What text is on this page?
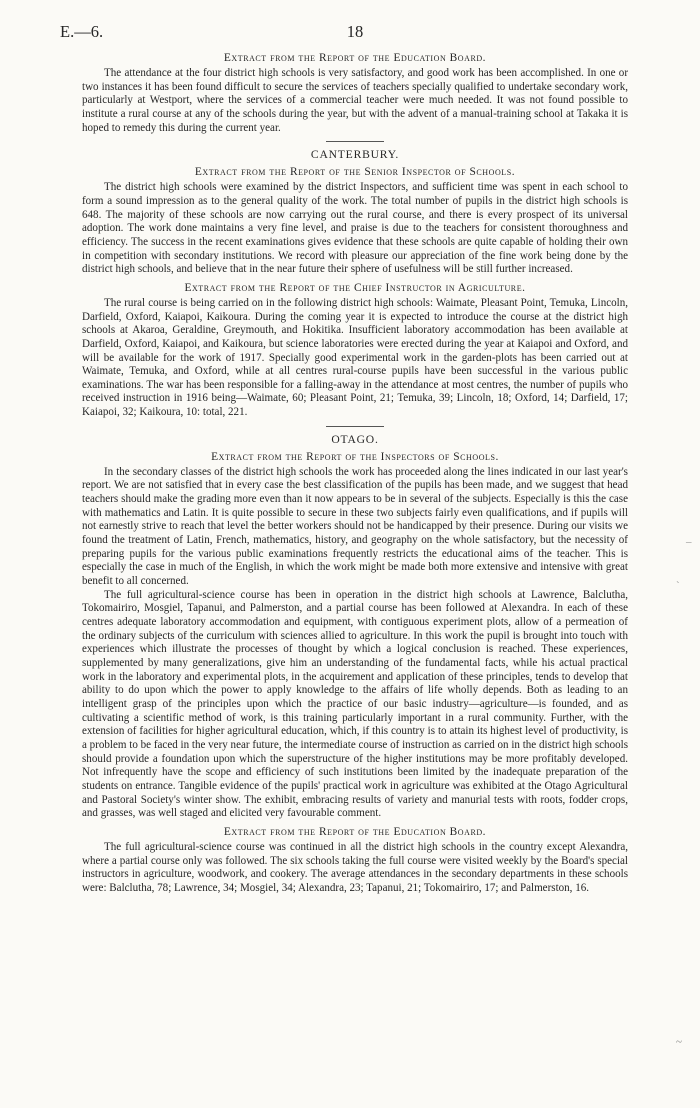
E.—6.	18
Extract from the Report of the Education Board.

The attendance at the four district high schools is very satisfactory, and good work has been accomplished. In one or two instances it has been found difficult to secure the services of teachers specially qualified to undertake secondary work, particularly at Westport, where the services of a commercial teacher were much needed. It was not found possible to institute a rural course at any of the schools during the year, but with the advent of a manual-training school at Takaka it is hoped to remedy this during the current year.

CANTERBURY.
Extract from the Report of the Senior Inspector of Schools.

The district high schools were examined by the district Inspectors, and sufficient time was spent in each school to form a sound impression as to the general quality of the work. The total number of pupils in the district high schools is 648. The majority of these schools are now carrying out the rural course, and there is every prospect of its universal adoption. The work done maintains a very fine level, and praise is due to the teachers for consistent thoroughness and efficiency. The success in the recent examinations gives evidence that these schools are quite capable of holding their own in competition with secondary institutions. We record with pleasure our appreciation of the fine work being done by the district high schools, and believe that in the near future their sphere of usefulness will be still further increased.

Extract from the Report of the Chief Instructor in Agriculture.

The rural course is being carried on in the following district high schools: Waimate, Pleasant Point, Temuka, Lincoln, Darfield, Oxford, Kaiapoi, Kaikoura. During the coming year it is expected to introduce the course at the district high schools at Akaroa, Geraldine, Greymouth, and Hokitika. Insufficient laboratory accommodation has been available at Darfield, Oxford, Kaiapoi, and Kaikoura, but science laboratories were erected during the year at Kaiapoi and Oxford, and will be available for the work of 1917. Specially good experimental work in the garden-plots has been carried out at Waimate, Temuka, and Oxford, while at all centres rural-course pupils have been successful in the various public examinations. The war has been responsible for a falling-away in the attendance at most centres, the number of pupils who received instruction in 1916 being—Waimate, 60; Pleasant Point, 21; Temuka, 39; Lincoln, 18; Oxford, 14; Darfield, 17; Kaiapoi, 32; Kaikoura, 10: total, 221.

OTAGO.
Extract from the Report of the Inspectors of Schools.

In the secondary classes of the district high schools the work has proceeded along the lines indicated in our last year's report. We are not satisfied that in every case the best classification of the pupils has been made, and we suggest that head teachers should make the grading more even than it now appears to be in several of the subjects. Especially is this the case with mathematics and Latin. It is quite possible to secure in these two subjects fairly even qualifications, and if pupils will not earnestly strive to reach that level the better workers should not be handicapped by their presence. During our visits we found the treatment of Latin, French, mathematics, history, and geography on the whole satisfactory, but the necessity of preparing pupils for the various public examinations frequently restricts the educational aims of the teacher. This is especially the case in much of the English, in which the work might be made both more extensive and intensive with great benefit to all concerned.

The full agricultural-science course has been in operation in the district high schools at Lawrence, Balclutha, Tokomairiro, Mosgiel, Tapanui, and Palmerston, and a partial course has been followed at Alexandra. In each of these centres adequate laboratory accommodation and equipment, with contiguous experiment plots, allow of a permeation of the ordinary subjects of the curriculum with sciences allied to agriculture. In this work the pupil is brought into touch with experiences which illustrate the processes of thought by which a logical conclusion is reached. These experiences, supplemented by many generalizations, give him an understanding of the fundamental facts, while his actual practical work in the laboratory and experimental plots, in the acquirement and application of these principles, tends to develop that ability to do upon which the power to apply knowledge to the affairs of life wholly depends. Both as leading to an intelligent grasp of the principles upon which the practice of our basic industry—agriculture—is founded, and as cultivating a scientific method of work, is this training particularly important in a rural community. Further, with the extension of facilities for higher agricultural education, which, if this country is to attain its highest level of productivity, is a problem to be faced in the very near future, the intermediate course of instruction as carried on in the district high schools should provide a foundation upon which the superstructure of the higher institutions may be more profitably developed. Not infrequently have the scope and efficiency of such institutions been limited by the inadequate preparation of the students on entrance. Tangible evidence of the pupils' practical work in agriculture was exhibited at the Otago Agricultural and Pastoral Society's winter show. The exhibit, embracing results of variety and manurial tests with roots, fodder crops, and grasses, was well staged and elicited very favourable comment.

Extract from the Report of the Education Board.

The full agricultural-science course was continued in all the district high schools in the country except Alexandra, where a partial course only was followed. The six schools taking the full course were visited weekly by the Board's special instructors in agriculture, woodwork, and cookery. The average attendances in the secondary departments in these schools were: Balclutha, 78; Lawrence, 34; Mosgiel, 34; Alexandra, 23; Tapanui, 21; Tokomairiro, 17; and Palmerston, 16.

–
`
~
